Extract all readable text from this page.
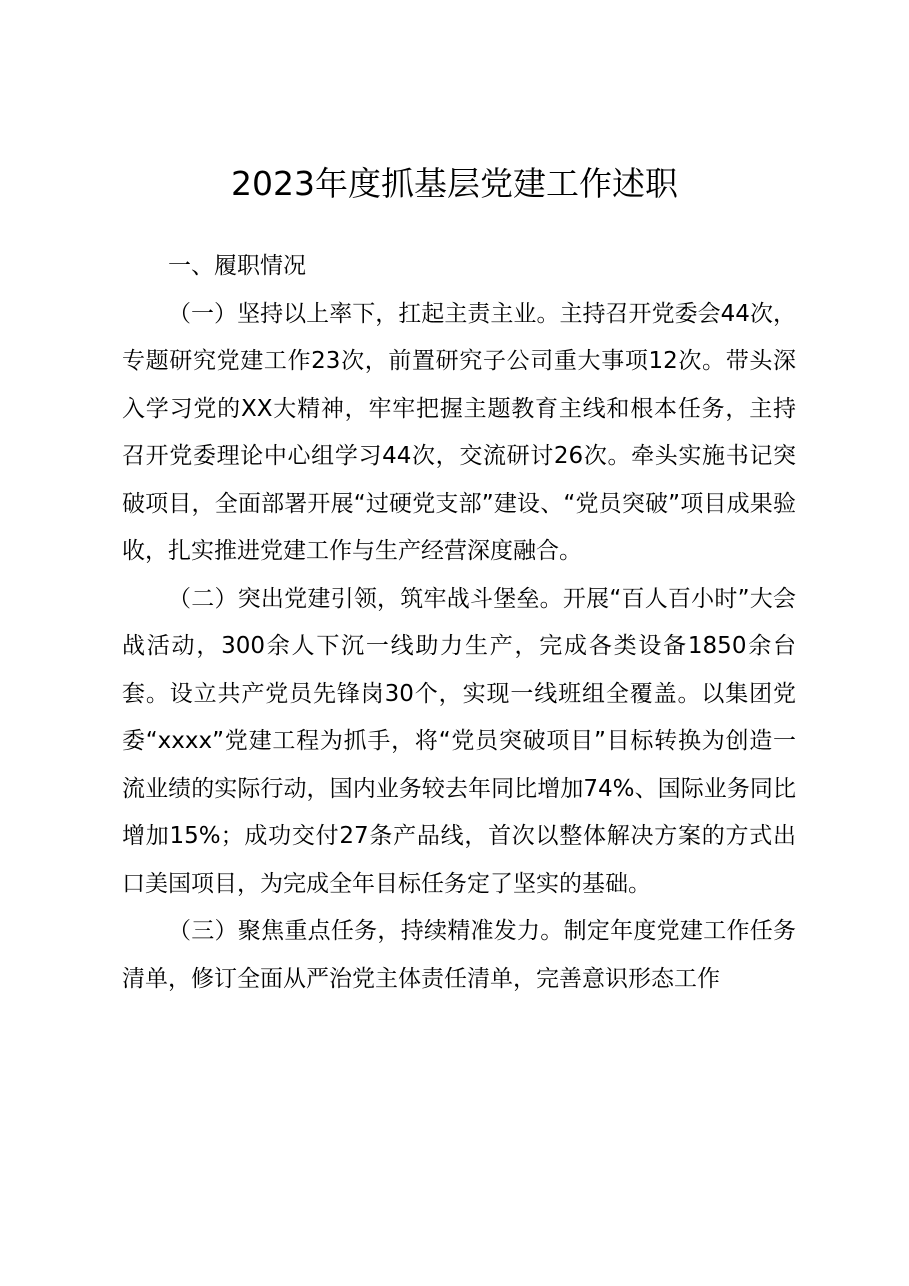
2023年度抓基层党建工作述职

一、履职情况

（一）坚持以上率下，扛起主责主业。主持召开党委会44次，专题研究党建工作23次，前置研究子公司重大事项12次。带头深入学习党的XX大精神，牢牢把握主题教育主线和根本任务，主持召开党委理论中心组学习44次，交流研讨26次。牵头实施书记突破项目，全面部署开展“过硬党支部”建设、“党员突破”项目成果验收，扎实推进党建工作与生产经营深度融合。

（二）突出党建引领，筑牢战斗堡垒。开展“百人百小时”大会战活动，300余人下沉一线助力生产，完成各类设备1850余台套。设立共产党员先锋岗30个，实现一线班组全覆盖。以集团党委“xxxx”党建工程为抓手，将“党员突破项目”目标转换为创造一流业绩的实际行动，国内业务较去年同比增加74%、国际业务同比增加15%；成功交付27条产品线，首次以整体解决方案的方式出口美国项目，为完成全年目标任务定了坚实的基础。

（三）聚焦重点任务，持续精准发力。制定年度党建工作任务清单，修订全面从严治党主体责任清单，完善意识形态工作
